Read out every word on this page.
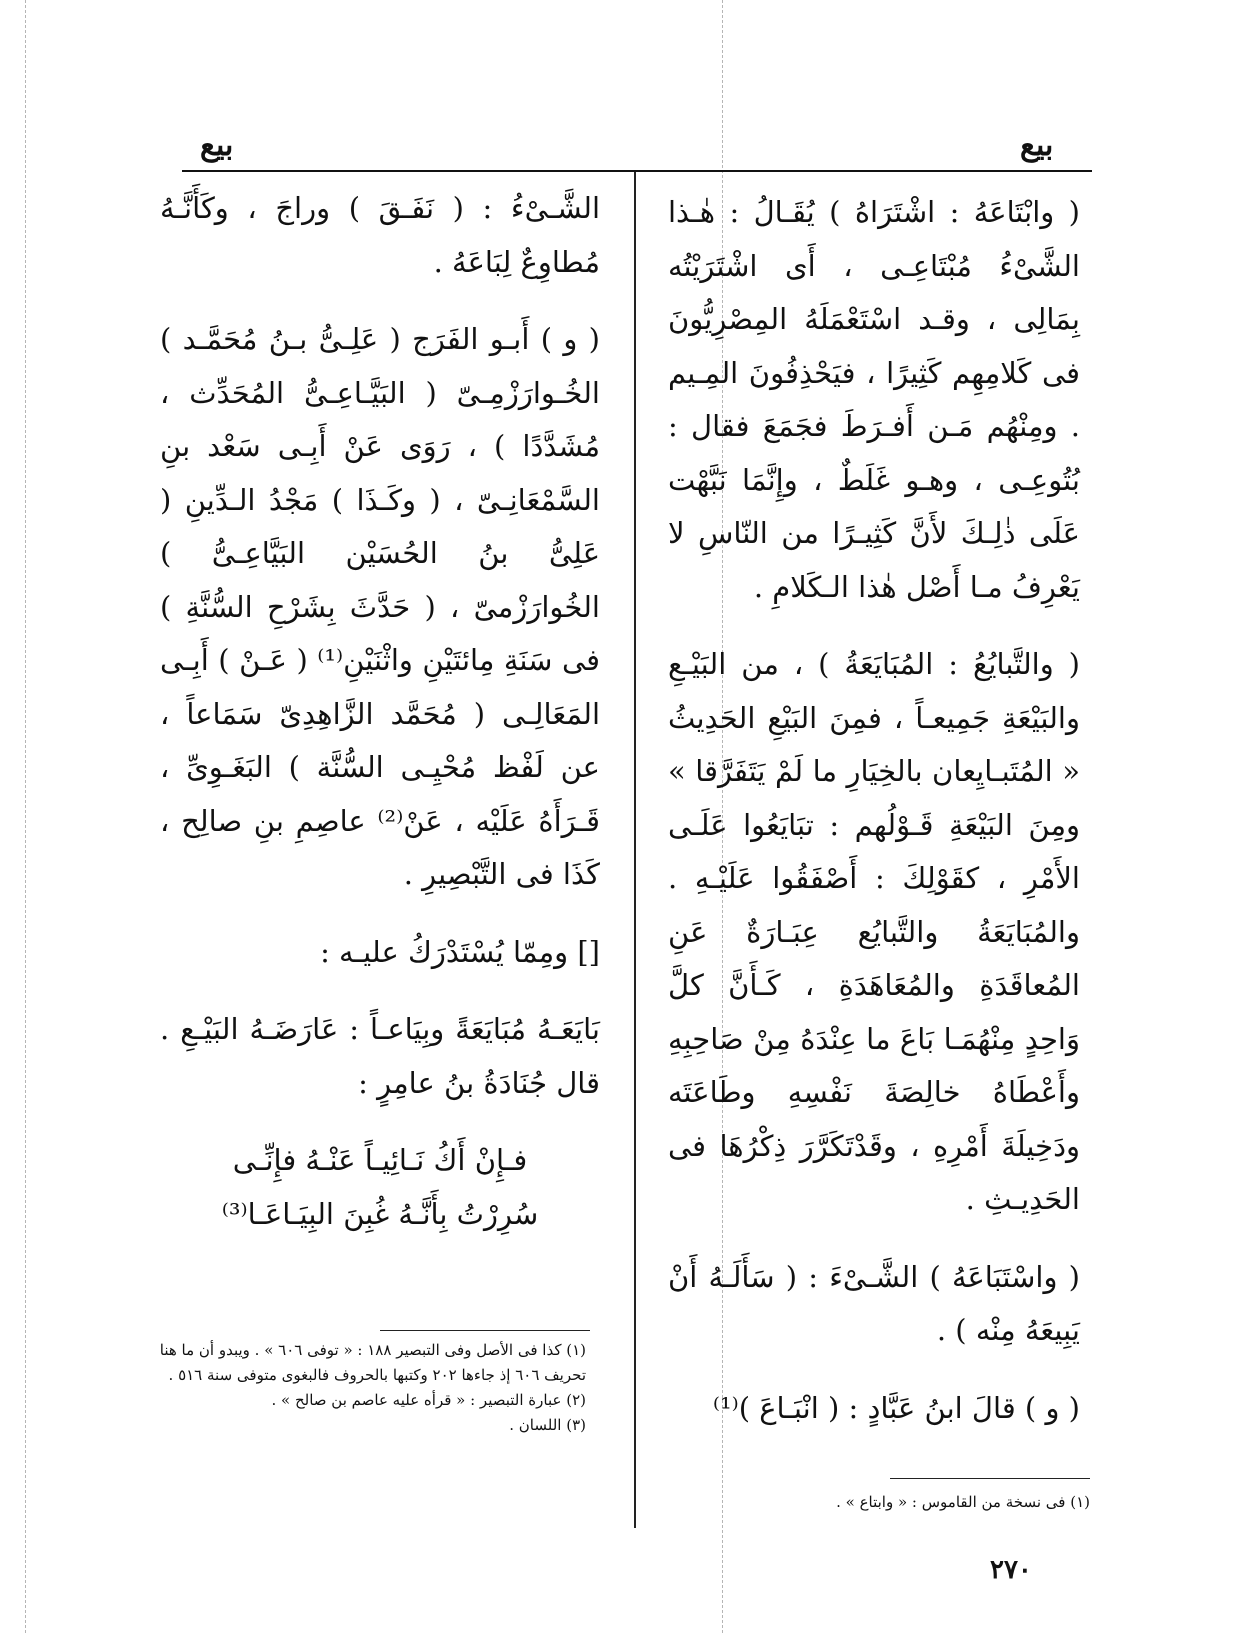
بيع	بيع

( وابْتَاعَهُ : اشْتَرَاهُ ) يُقَـالُ : هٰـذا الشَّىْءُ مُبْتَاعِـى ، أَى اشْتَرَيْتُه بِمَالِى ، وقـد اسْتَعْمَلَهُ المِصْرِيُّونَ فى كَلامِهِم كَثِيرًا ، فيَحْذِفُونَ المِـيم . ومِنْهُم مَـن أَفـرَطَ فجَمَعَ فقال : بُتُوعِـى ، وهـو غَلَطٌ ، وإِنَّمَا نَبَّهْت عَلَى ذٰلِـكَ لأَنَّ كَثِيـرًا من النّاسِ لا يَعْرِفُ مـا أَصْل هٰذا الـكَلامِ .

( والتَّبايُعُ : المُبَايَعَةُ ) ، من البَيْـعِ والبَيْعَةِ جَمِيعـاً ، فمِنَ البَيْعِ الحَدِيثُ « المُتَبـايِعان بالخِيَارِ ما لَمْ يَتَفَرَّقا » ومِنَ البَيْعَةِ قَـوْلُهم : تبَايَعُوا عَلَـى الأَمْرِ ، كقَوْلِكَ : أَصْفَقُوا عَلَيْـهِ . والمُبَايَعَةُ والتَّبايُع عِبَـارَةٌ عَنِ المُعاقَدَةِ والمُعَاهَدَةِ ، كَـأَنَّ كلَّ وَاحِدٍ مِنْهُمَـا بَاعَ ما عِنْدَهُ مِنْ صَاحِبِهِ وأَعْطَاهُ خالِصَةَ نَفْسِهِ وطَاعَتَه ودَخِيلَةَ أَمْرِهِ ، وقَدْتَكَرَّرَ ذِكْرُهَا فى الحَدِيـثِ .

( واسْتَبَاعَهُ ) الشَّـىْءَ : ( سَأَلَـهُ أَنْ يَبِيعَهُ مِنْه ) .

( و ) قالَ ابنُ عَبَّادٍ : ( انْبَـاعَ )⁽¹⁾

الشَّـىْءُ : ( نَفَـقَ ) وراجَ ، وكَأَنَّـهُ مُطاوِعٌ لِبَاعَهُ .

( و ) أَبـو الفَرَج ( عَلِـىُّ بـنُ مُحَمَّـد ) الخُـوارَزْمِـىّ ( البَيَّـاعِـىُّ المُحَدِّث ، مُشَدَّدًا ) ، رَوَى عَنْ أَبِـى سَعْد بنِ السَّمْعَانِـىّ ، ( وكَـذَا ) مَجْدُ الـدِّينِ ( عَلِىُّ بنُ الحُسَيْن البَيَّاعِـىُّ ) الخُوارَزْمىّ ، ( حَدَّثَ بِشَرْحِ السُّنَّةِ ) فى سَنَةِ مِائتَيْنِ واثْنَيْنِ⁽¹⁾ ( عَـنْ ) أَبِـى المَعَالِـى ( مُحَمَّد الزَّاهِدِىّ سَمَاعاً ، عن لَفْظ مُحْيِـى السُّنَّة ) البَغَـوِىِّ ، قَـرَأَهُ عَلَيْه ، عَنْ⁽²⁾ عاصِمِ بنِ صالِح ، كَذَا فى التَّبْصِيرِ .

[] ومِمّا يُسْتَدْرَكُ عليـه :

بَايَعَـهُ مُبَايَعَةً وبِيَاعـاً : عَارَضَـهُ البَيْـعِ . قال جُنَادَةُ بنُ عامِرٍ :

فـإِنْ أَكُ نَـائِيـاً عَنْـهُ فإِنِّـى

سُرِرْتُ بِأَنَّـهُ غُبِنَ البِيَـاعَـا⁽³⁾

(١) كذا فى الأصل وفى التبصير ١٨٨ : « توفى ٦٠٦ » . ويبدو أن ما هنا تحريف ٦٠٦ إذ جاءها ٢٠٢ وكتبها بالحروف فالبغوى متوفى سنة ٥١٦ .

(٢) عبارة التبصير : « قرأه عليه عاصم بن صالح » .

(٣) اللسان .

(١) فى نسخة من القاموس : « وابتاع » .

٢٧٠
